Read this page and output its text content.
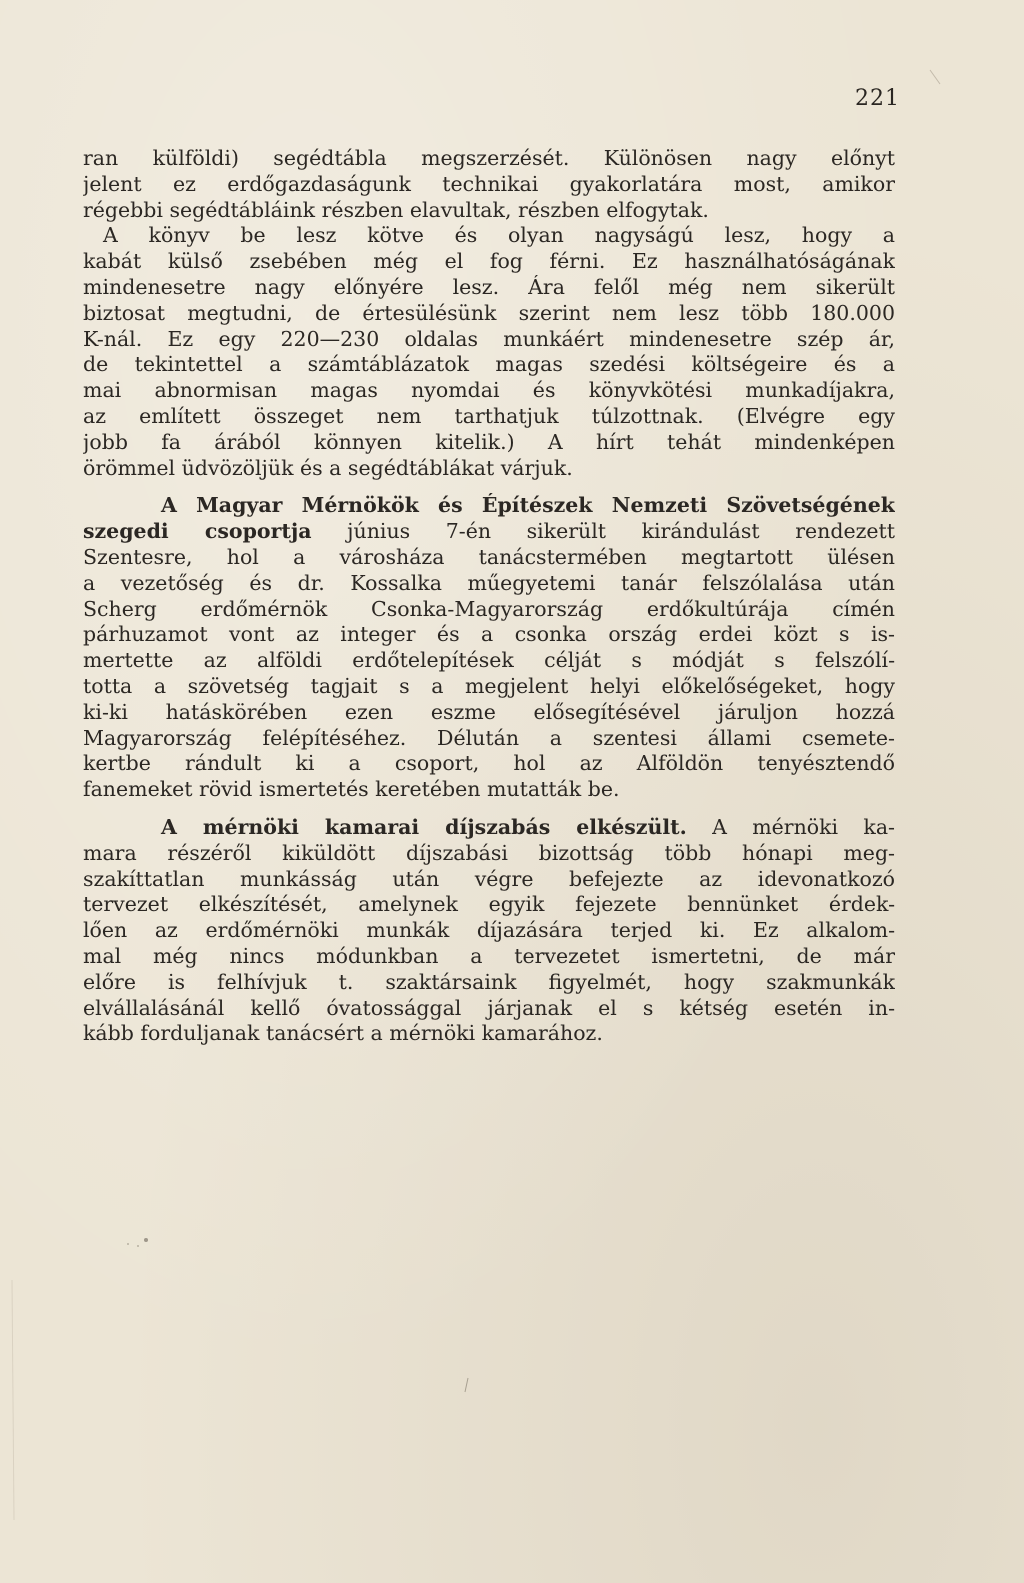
221
ran külföldi) segédtábla megszerzését. Különösen nagy előnyt
jelent ez erdőgazdaságunk technikai gyakorlatára most, amikor
régebbi segédtábláink részben elavultak, részben elfogytak.
A könyv be lesz kötve és olyan nagyságú lesz, hogy a
kabát külső zsebében még el fog férni. Ez használhatóságának
mindenesetre nagy előnyére lesz. Ára felől még nem sikerült
biztosat megtudni, de értesülésünk szerint nem lesz több 180.000
K-nál. Ez egy 220—230 oldalas munkáért mindenesetre szép ár,
de tekintettel a számtáblázatok magas szedési költségeire és a
mai abnormisan magas nyomdai és könyvkötési munkadíjakra,
az említett összeget nem tarthatjuk túlzottnak. (Elvégre egy
jobb fa árából könnyen kitelik.) A hírt tehát mindenképen
örömmel üdvözöljük és a segédtáblákat várjuk.
A Magyar Mérnökök és Építészek Nemzeti Szövetségének
szegedi csoportja június 7-én sikerült kirándulást rendezett
Szentesre, hol a városháza tanácstermében megtartott ülésen
a vezetőség és dr. Kossalka műegyetemi tanár felszólalása után
Scherg erdőmérnök Csonka-Magyarország erdőkultúrája címén
párhuzamot vont az integer és a csonka ország erdei közt s is-
mertette az alföldi erdőtelepítések célját s módját s felszólí-
totta a szövetség tagjait s a megjelent helyi előkelőségeket, hogy
ki-ki hatáskörében ezen eszme elősegítésével járuljon hozzá
Magyarország felépítéséhez. Délután a szentesi állami csemete-
kertbe rándult ki a csoport, hol az Alföldön tenyésztendő
fanemeket rövid ismertetés keretében mutatták be.
A mérnöki kamarai díjszabás elkészült. A mérnöki ka-
mara részéről kiküldött díjszabási bizottság több hónapi meg-
szakíttatlan munkásság után végre befejezte az idevonatkozó
tervezet elkészítését, amelynek egyik fejezete bennünket érdek-
lően az erdőmérnöki munkák díjazására terjed ki. Ez alkalom-
mal még nincs módunkban a tervezetet ismertetni, de már
előre is felhívjuk t. szaktársaink figyelmét, hogy szakmunkák
elvállalásánál kellő óvatossággal járjanak el s kétség esetén in-
kább forduljanak tanácsért a mérnöki kamarához.
